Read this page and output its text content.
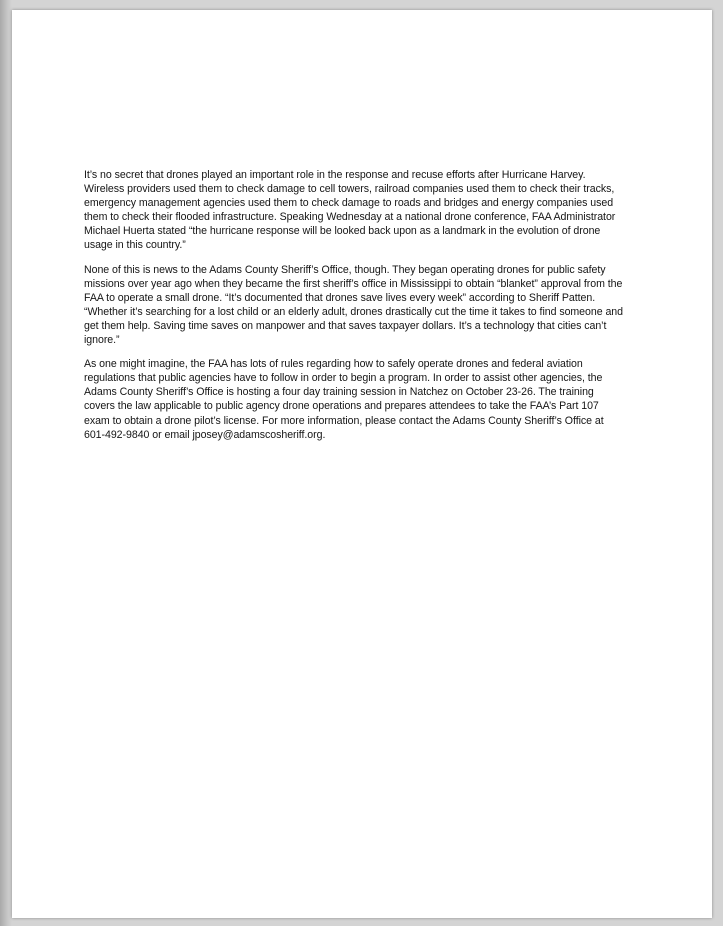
It’s no secret that drones played an important role in the response and recuse efforts after Hurricane Harvey. Wireless providers used them to check damage to cell towers, railroad companies used them to check their tracks, emergency management agencies used them to check damage to roads and bridges and energy companies used them to check their flooded infrastructure. Speaking Wednesday at a national drone conference, FAA Administrator Michael Huerta stated “the hurricane response will be looked back upon as a landmark in the evolution of drone usage in this country.”

None of this is news to the Adams County Sheriff’s Office, though. They began operating drones for public safety missions over year ago when they became the first sheriff’s office in Mississippi to obtain “blanket” approval from the FAA to operate a small drone. “It’s documented that drones save lives every week” according to Sheriff Patten. “Whether it’s searching for a lost child or an elderly adult, drones drastically cut the time it takes to find someone and get them help. Saving time saves on manpower and that saves taxpayer dollars. It’s a technology that cities can’t ignore.”

As one might imagine, the FAA has lots of rules regarding how to safely operate drones and federal aviation regulations that public agencies have to follow in order to begin a program. In order to assist other agencies, the Adams County Sheriff’s Office is hosting a four day training session in Natchez on October 23-26. The training covers the law applicable to public agency drone operations and prepares attendees to take the FAA’s Part 107 exam to obtain a drone pilot’s license. For more information, please contact the Adams County Sheriff’s Office at 601-492-9840 or email jposey@adamscosheriff.org.
